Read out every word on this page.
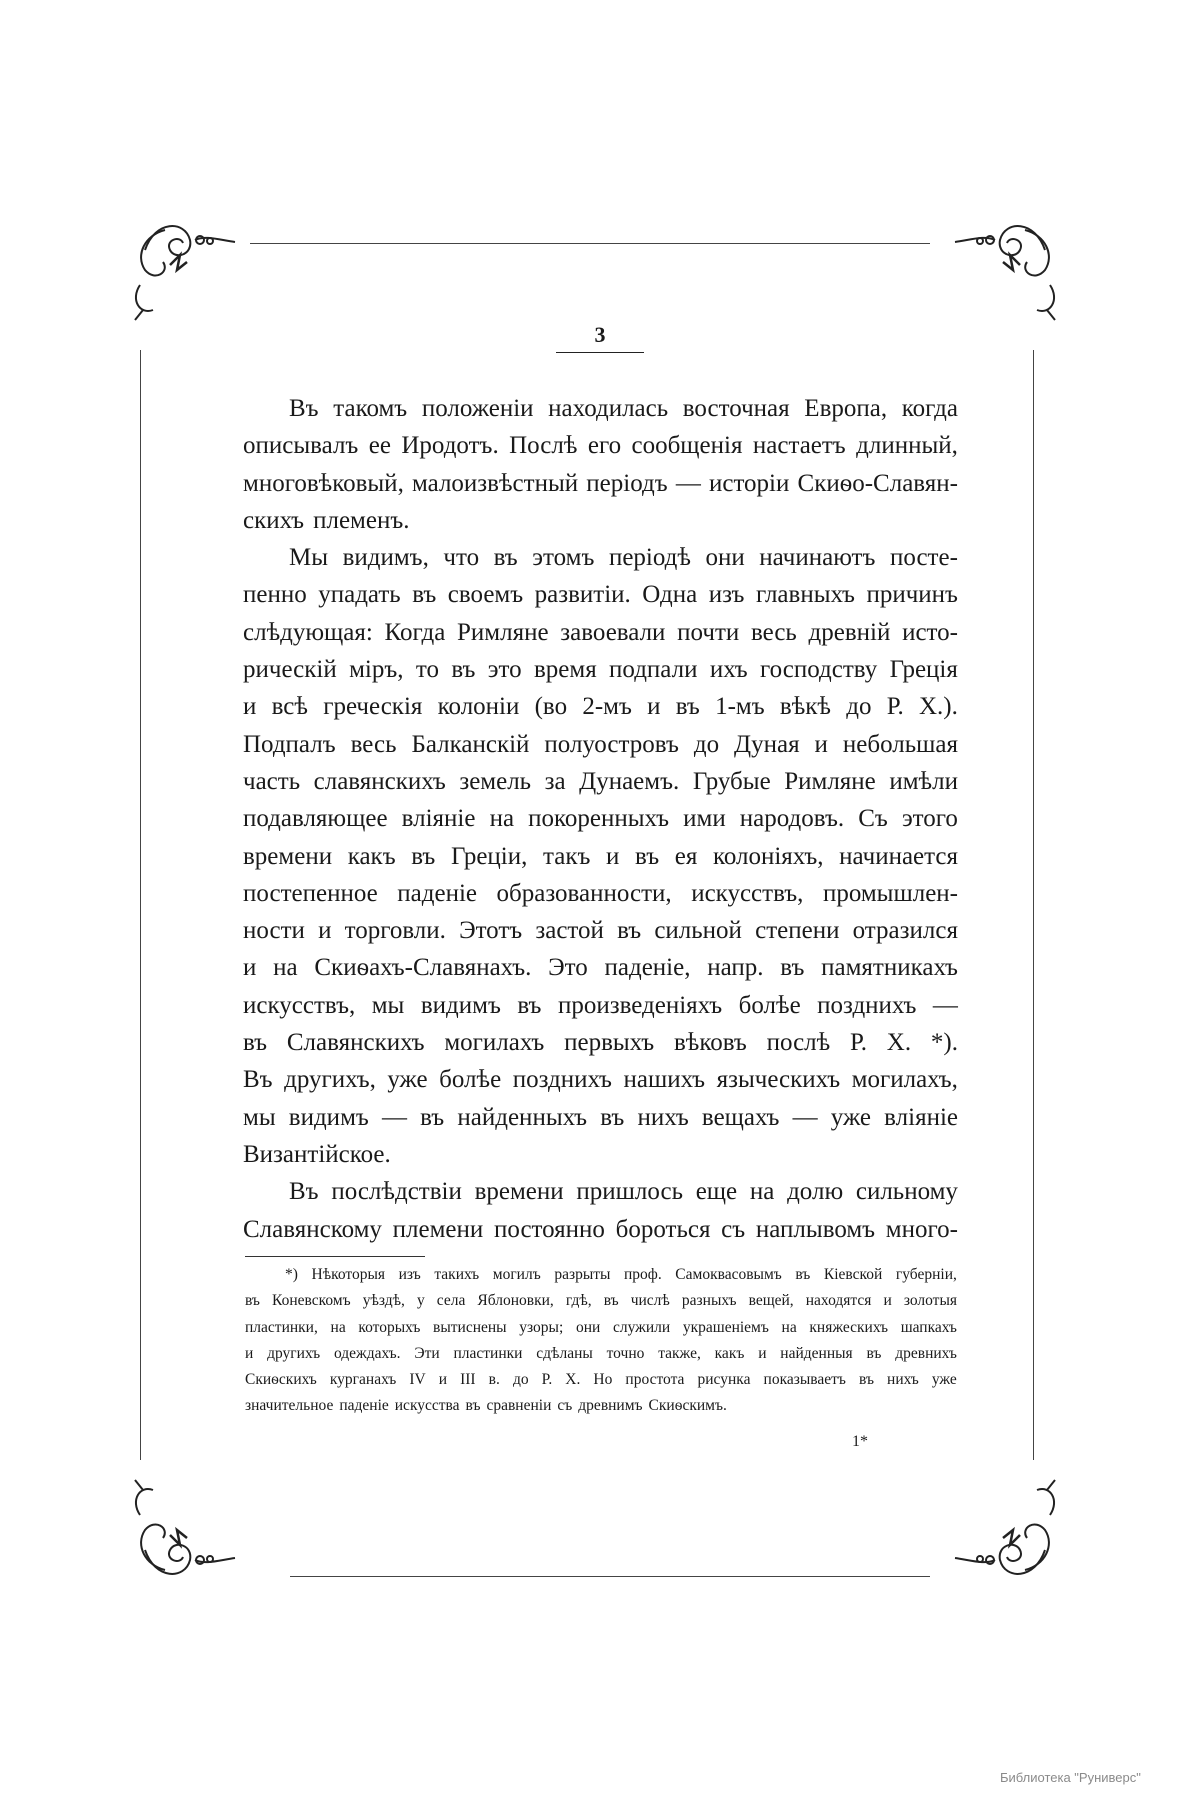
3
Въ такомъ положеніи находилась восточная Европа, когда
описывалъ ее Иродотъ. Послѣ его сообщенія настаетъ длинный,
многовѣковый, малоизвѣстный періодъ — исторіи Скиѳо-Славян-
скихъ племенъ.
Мы видимъ, что въ этомъ періодѣ они начинаютъ посте-
пенно упадать въ своемъ развитіи. Одна изъ главныхъ причинъ
слѣдующая: Когда Римляне завоевали почти весь древній исто-
рическій міръ, то въ это время подпали ихъ господству Греція
и всѣ греческія колоніи (во 2-мъ и въ 1-мъ вѣкѣ до Р. Х.).
Подпалъ весь Балканскій полуостровъ до Дуная и небольшая
часть славянскихъ земель за Дунаемъ. Грубые Римляне имѣли
подавляющее вліяніе на покоренныхъ ими народовъ. Съ этого
времени какъ въ Греціи, такъ и въ ея колоніяхъ, начинается
постепенное паденіе образованности, искусствъ, промышлен-
ности и торговли. Этотъ застой въ сильной степени отразился
и на Скиѳахъ-Славянахъ. Это паденіе, напр. въ памятникахъ
искусствъ, мы видимъ въ произведеніяхъ болѣе позднихъ —
въ Славянскихъ могилахъ первыхъ вѣковъ послѣ Р. Х. *).
Въ другихъ, уже болѣе позднихъ нашихъ языческихъ могилахъ,
мы видимъ — въ найденныхъ въ нихъ вещахъ — уже вліяніе
Византійское.
Въ послѣдствіи времени пришлось еще на долю сильному
Славянскому племени постоянно бороться съ наплывомъ много-
*) Нѣкоторыя изъ такихъ могилъ разрыты проф. Самоквасовымъ въ Кіевской губерніи,
въ Коневскомъ уѣздѣ, у села Яблоновки, гдѣ, въ числѣ разныхъ вещей, находятся и золотыя
пластинки, на которыхъ вытиснены узоры; они служили украшеніемъ на княжескихъ шапкахъ
и другихъ одеждахъ. Эти пластинки сдѣланы точно также, какъ и найденныя въ древнихъ
Скиѳскихъ курганахъ IV и III в. до Р. Х. Но простота рисунка показываетъ въ нихъ уже
значительное паденіе искусства въ сравненіи съ древнимъ Скиѳскимъ.
1*
Библиотека "Руниверс"
